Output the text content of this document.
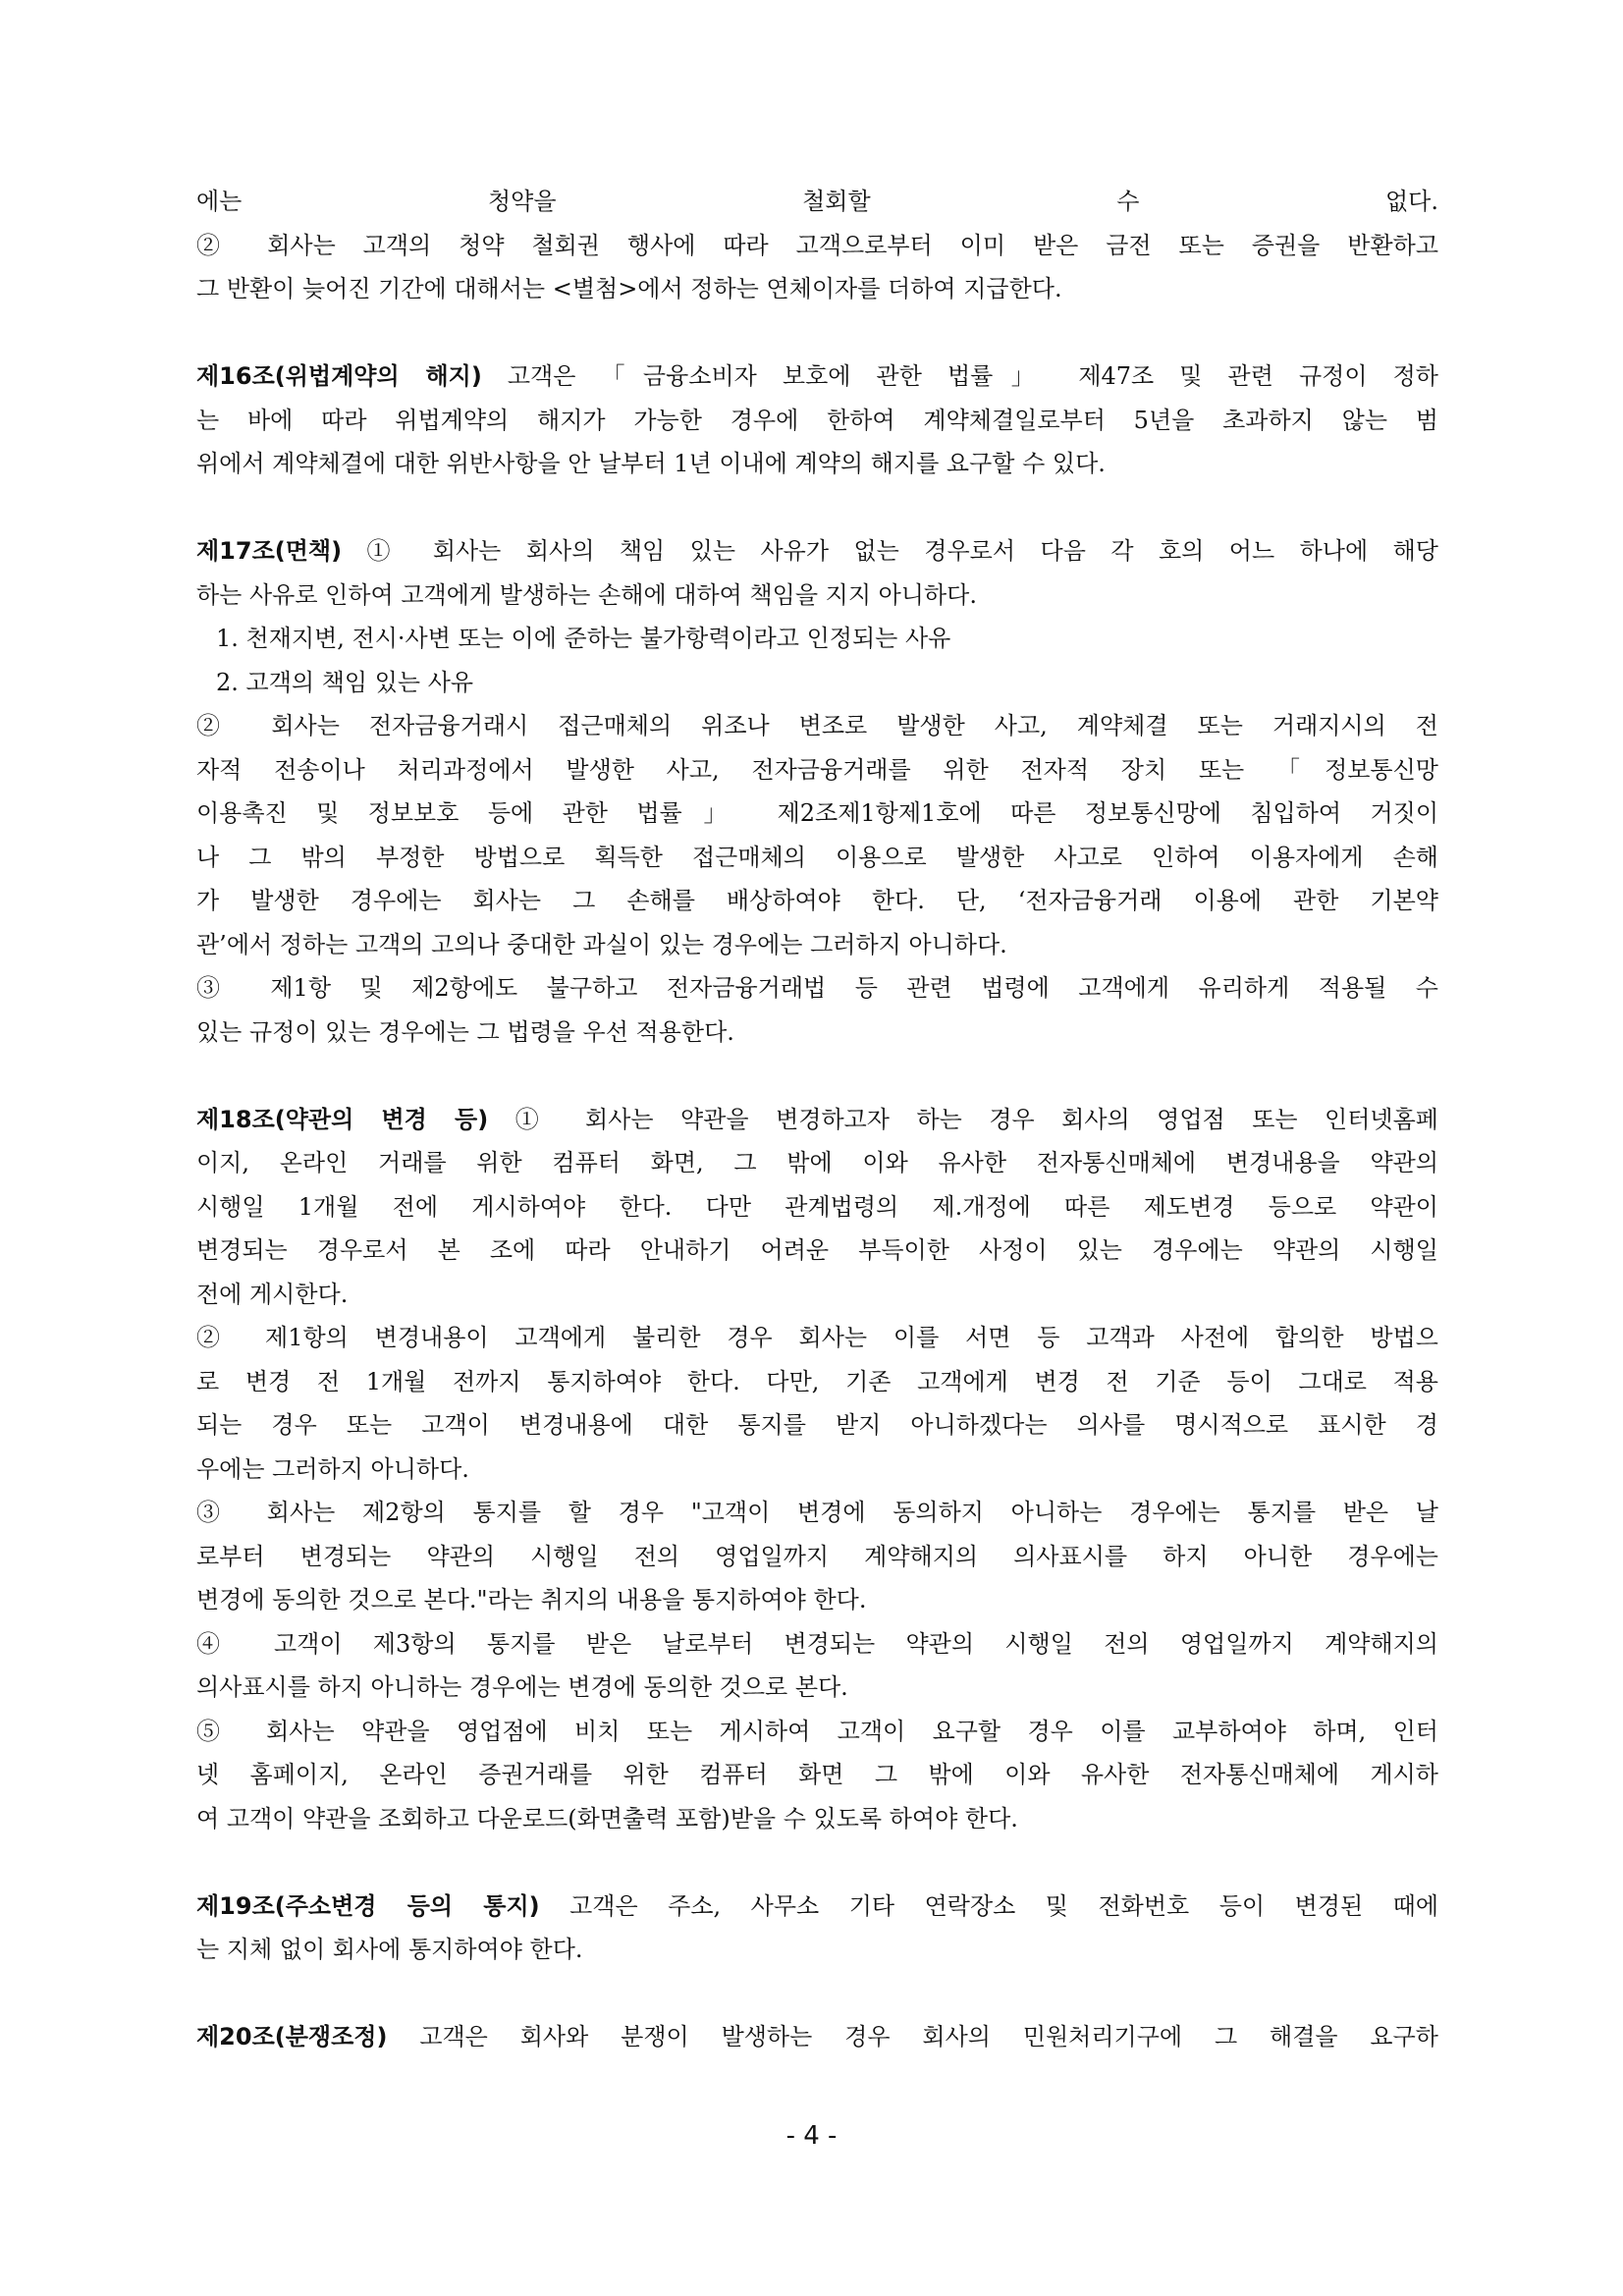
에는 청약을 철회할 수 없다.
② 회사는 고객의 청약 철회권 행사에 따라 고객으로부터 이미 받은 금전 또는 증권을 반환하고
그 반환이 늦어진 기간에 대해서는 <별첨>에서 정하는 연체이자를 더하여 지급한다.
제16조(위법계약의 해지) 고객은 「금융소비자 보호에 관한 법률」 제47조 및 관련 규정이 정하
는 바에 따라 위법계약의 해지가 가능한 경우에 한하여 계약체결일로부터 5년을 초과하지 않는 범
위에서 계약체결에 대한 위반사항을 안 날부터 1년 이내에 계약의 해지를 요구할 수 있다.
제17조(면책) ① 회사는 회사의 책임 있는 사유가 없는 경우로서 다음 각 호의 어느 하나에 해당
하는 사유로 인하여 고객에게 발생하는 손해에 대하여 책임을 지지 아니하다.
1. 천재지변, 전시·사변 또는 이에 준하는 불가항력이라고 인정되는 사유
2. 고객의 책임 있는 사유
② 회사는 전자금융거래시 접근매체의 위조나 변조로 발생한 사고, 계약체결 또는 거래지시의 전
자적 전송이나 처리과정에서 발생한 사고, 전자금융거래를 위한 전자적 장치 또는 「정보통신망
이용촉진 및 정보보호 등에 관한 법률」 제2조제1항제1호에 따른 정보통신망에 침입하여 거짓이
나 그 밖의 부정한 방법으로 획득한 접근매체의 이용으로 발생한 사고로 인하여 이용자에게 손해
가 발생한 경우에는 회사는 그 손해를 배상하여야 한다. 단, ‘전자금융거래 이용에 관한 기본약
관’에서 정하는 고객의 고의나 중대한 과실이 있는 경우에는 그러하지 아니하다.
③ 제1항 및 제2항에도 불구하고 전자금융거래법 등 관련 법령에 고객에게 유리하게 적용될 수
있는 규정이 있는 경우에는 그 법령을 우선 적용한다.
제18조(약관의 변경 등) ① 회사는 약관을 변경하고자 하는 경우 회사의 영업점 또는 인터넷홈페
이지, 온라인 거래를 위한 컴퓨터 화면, 그 밖에 이와 유사한 전자통신매체에 변경내용을 약관의
시행일 1개월 전에 게시하여야 한다. 다만 관계법령의 제.개정에 따른 제도변경 등으로 약관이
변경되는 경우로서 본 조에 따라 안내하기 어려운 부득이한 사정이 있는 경우에는 약관의 시행일
전에 게시한다.
② 제1항의 변경내용이 고객에게 불리한 경우 회사는 이를 서면 등 고객과 사전에 합의한 방법으
로 변경 전 1개월 전까지 통지하여야 한다. 다만, 기존 고객에게 변경 전 기준 등이 그대로 적용
되는 경우 또는 고객이 변경내용에 대한 통지를 받지 아니하겠다는 의사를 명시적으로 표시한 경
우에는 그러하지 아니하다.
③ 회사는 제2항의 통지를 할 경우 "고객이 변경에 동의하지 아니하는 경우에는 통지를 받은 날
로부터 변경되는 약관의 시행일 전의 영업일까지 계약해지의 의사표시를 하지 아니한 경우에는
변경에 동의한 것으로 본다."라는 취지의 내용을 통지하여야 한다.
④ 고객이 제3항의 통지를 받은 날로부터 변경되는 약관의 시행일 전의 영업일까지 계약해지의
의사표시를 하지 아니하는 경우에는 변경에 동의한 것으로 본다.
⑤ 회사는 약관을 영업점에 비치 또는 게시하여 고객이 요구할 경우 이를 교부하여야 하며, 인터
넷 홈페이지, 온라인 증권거래를 위한 컴퓨터 화면 그 밖에 이와 유사한 전자통신매체에 게시하
여 고객이 약관을 조회하고 다운로드(화면출력 포함)받을 수 있도록 하여야 한다.
제19조(주소변경 등의 통지) 고객은 주소, 사무소 기타 연락장소 및 전화번호 등이 변경된 때에
는 지체 없이 회사에 통지하여야 한다.
제20조(분쟁조정) 고객은 회사와 분쟁이 발생하는 경우 회사의 민원처리기구에 그 해결을 요구하
- 4 -
